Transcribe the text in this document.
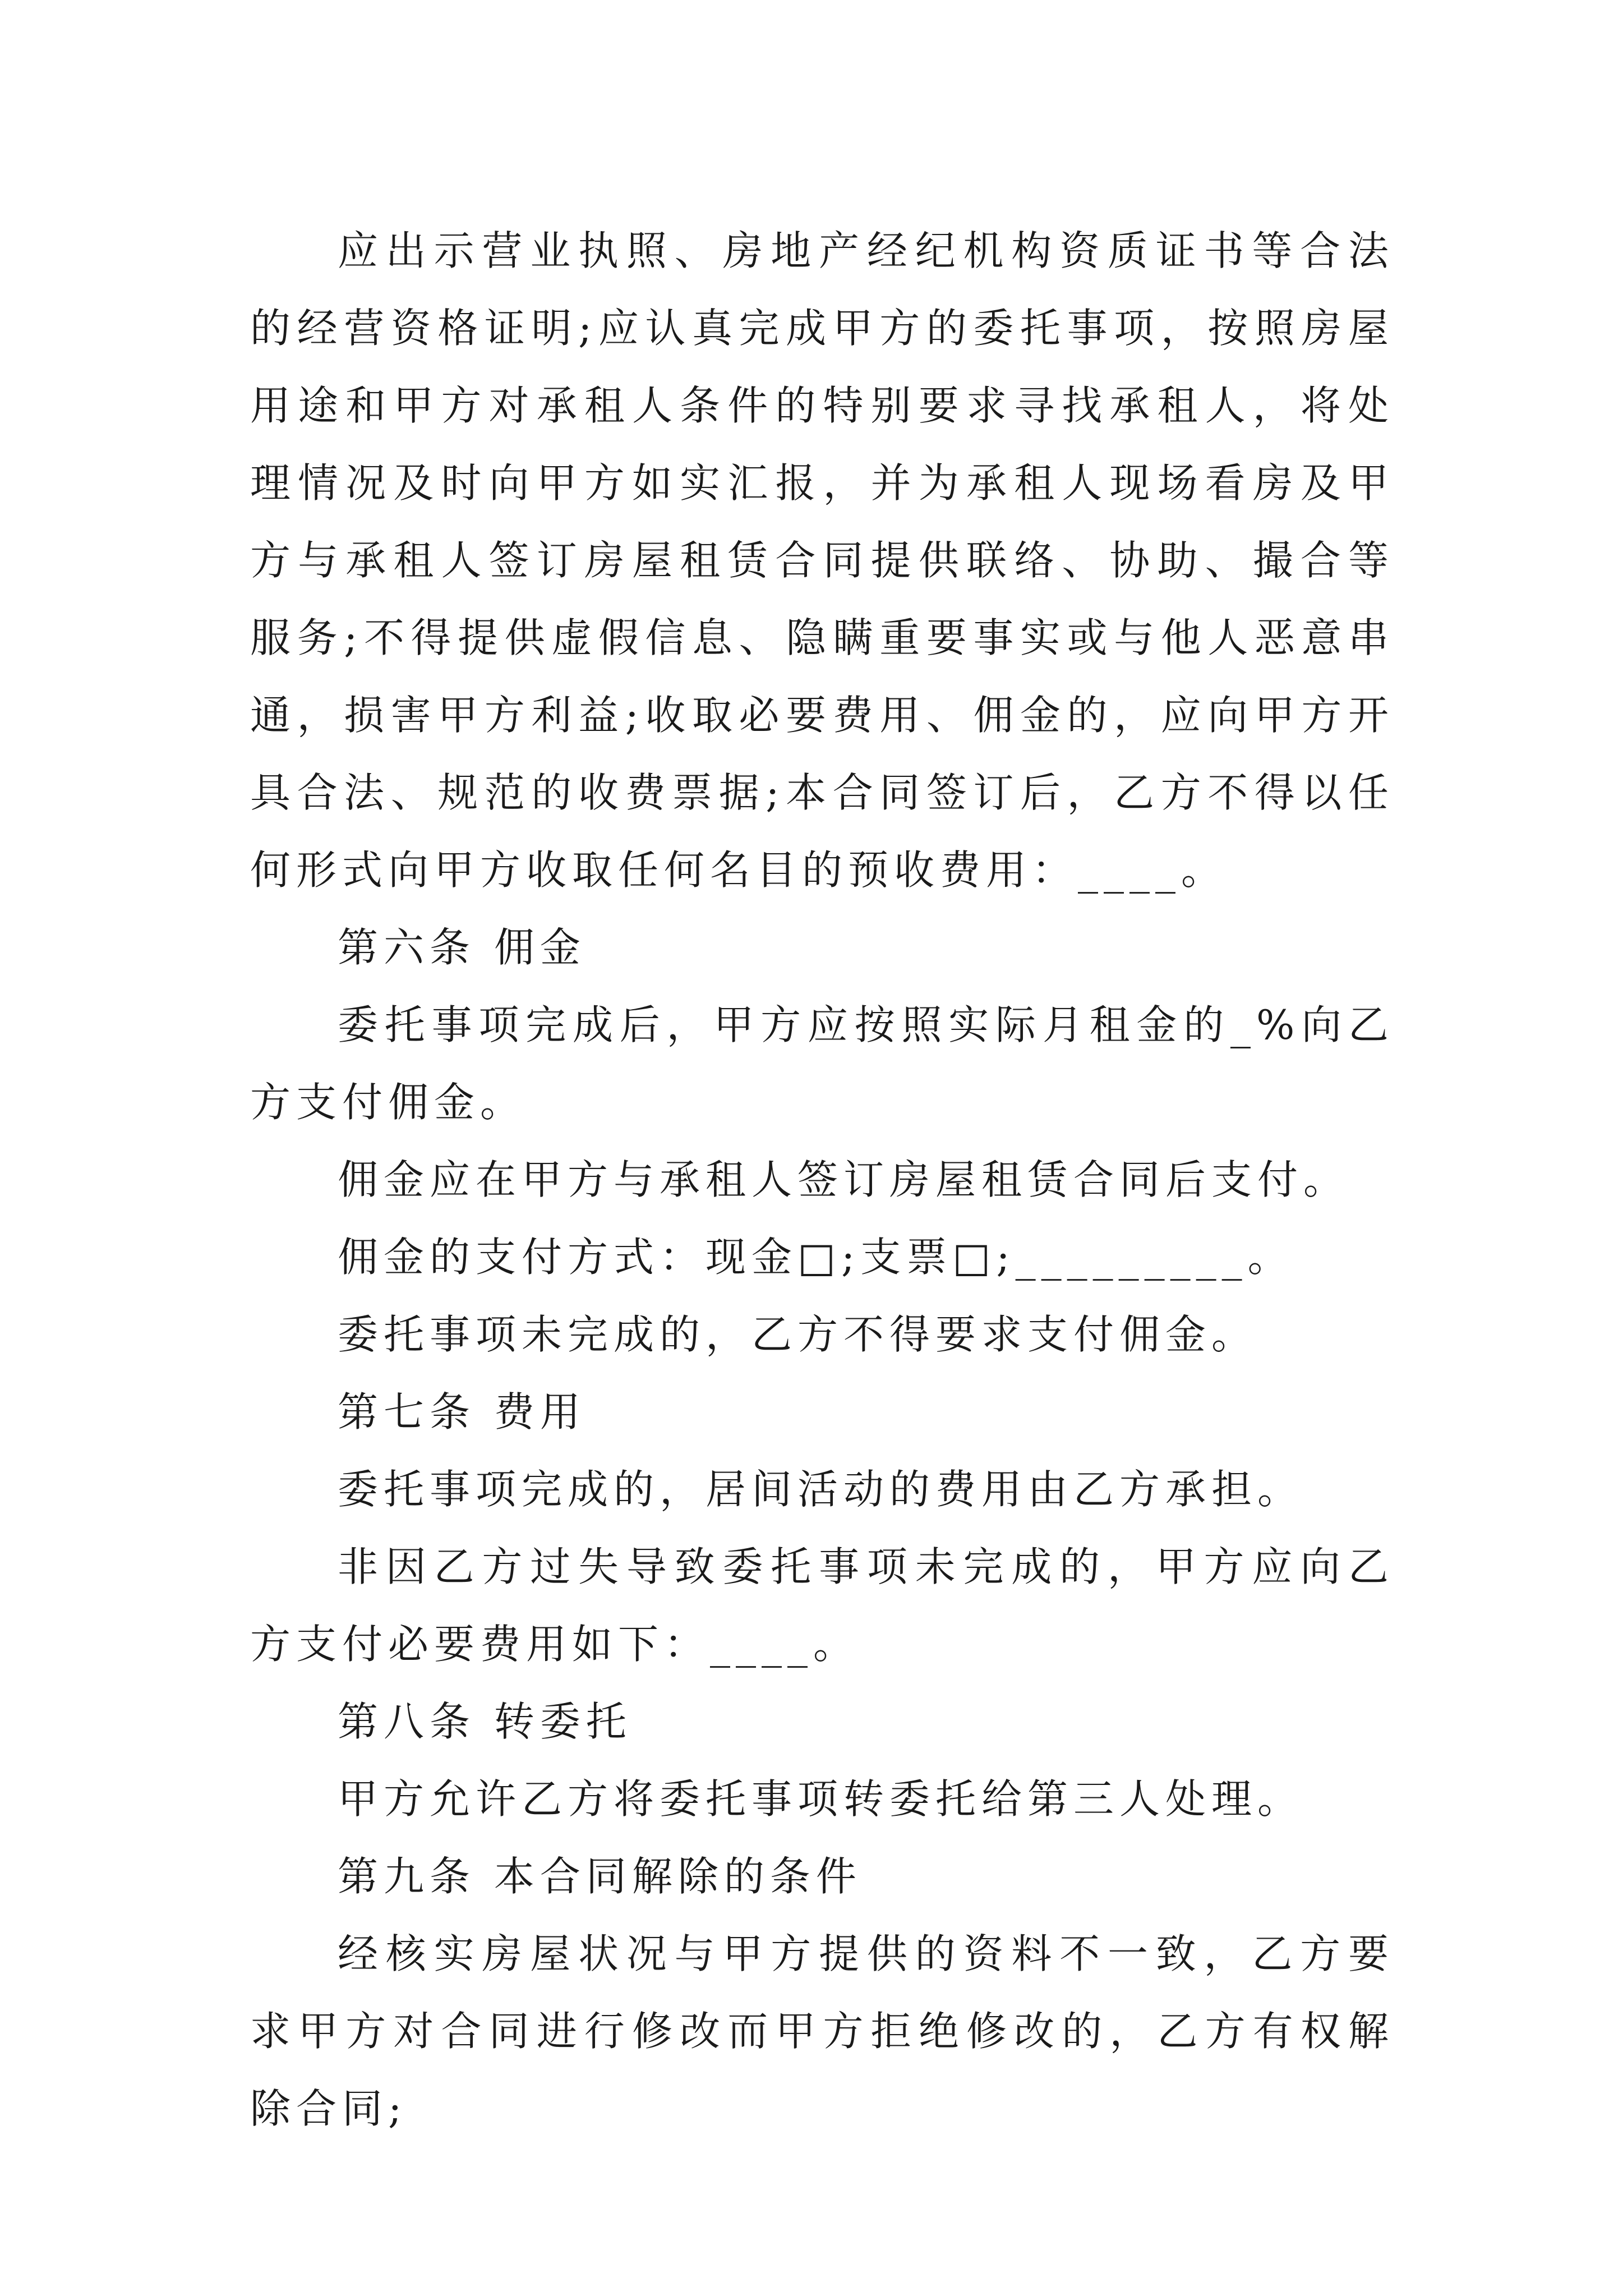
应出示营业执照、房地产经纪机构资质证书等合法的经营资格证明;应认真完成甲方的委托事项，按照房屋用途和甲方对承租人条件的特别要求寻找承租人，将处理情况及时向甲方如实汇报，并为承租人现场看房及甲方与承租人签订房屋租赁合同提供联络、协助、撮合等服务;不得提供虚假信息、隐瞒重要事实或与他人恶意串通，损害甲方利益;收取必要费用、佣金的，应向甲方开具合法、规范的收费票据;本合同签订后，乙方不得以任何形式向甲方收取任何名目的预收费用：____。

第六条 佣金

委托事项完成后，甲方应按照实际月租金的_%向乙方支付佣金。

佣金应在甲方与承租人签订房屋租赁合同后支付。

佣金的支付方式：现金□;支票□;_________。

委托事项未完成的，乙方不得要求支付佣金。

第七条 费用

委托事项完成的，居间活动的费用由乙方承担。

非因乙方过失导致委托事项未完成的，甲方应向乙方支付必要费用如下：____。

第八条 转委托

甲方允许乙方将委托事项转委托给第三人处理。

第九条 本合同解除的条件

经核实房屋状况与甲方提供的资料不一致，乙方要求甲方对合同进行修改而甲方拒绝修改的，乙方有权解除合同;
